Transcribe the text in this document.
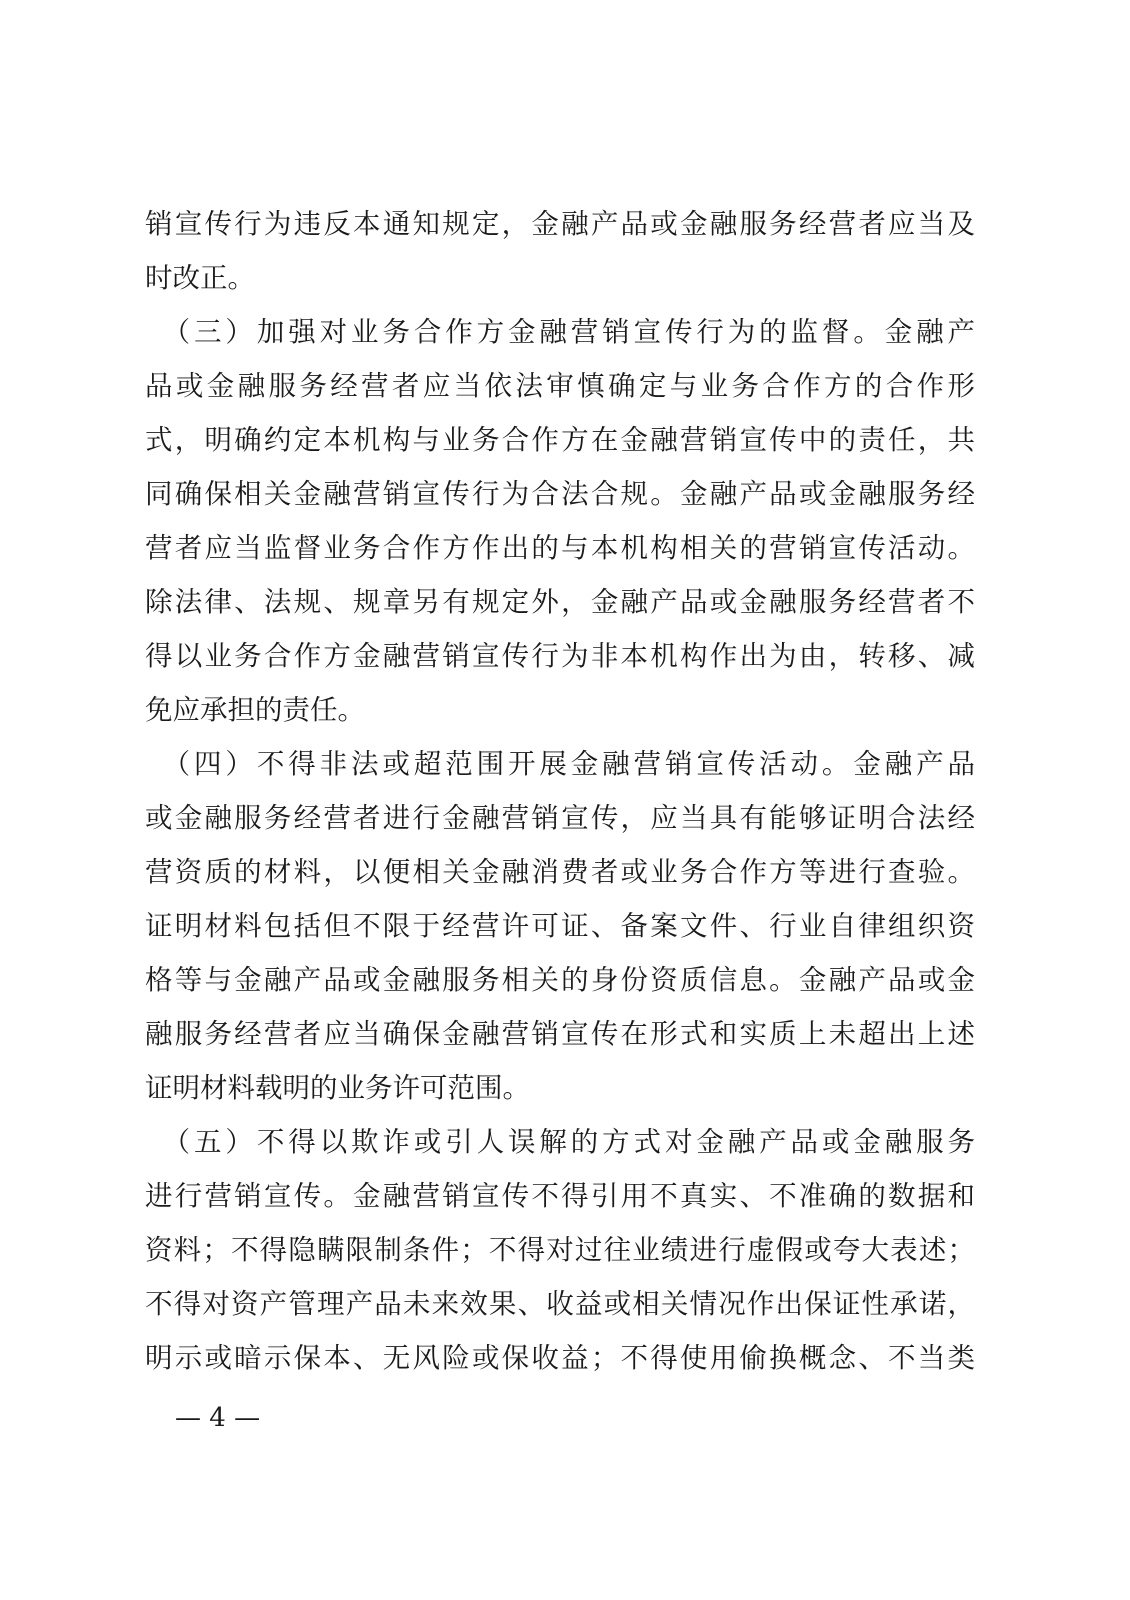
销宣传行为违反本通知规定，金融产品或金融服务经营者应当及
时改正。
　（三）加强对业务合作方金融营销宣传行为的监督。金融产
品或金融服务经营者应当依法审慎确定与业务合作方的合作形
式，明确约定本机构与业务合作方在金融营销宣传中的责任，共
同确保相关金融营销宣传行为合法合规。金融产品或金融服务经
营者应当监督业务合作方作出的与本机构相关的营销宣传活动。
除法律、法规、规章另有规定外，金融产品或金融服务经营者不
得以业务合作方金融营销宣传行为非本机构作出为由，转移、减
免应承担的责任。
　（四）不得非法或超范围开展金融营销宣传活动。金融产品
或金融服务经营者进行金融营销宣传，应当具有能够证明合法经
营资质的材料，以便相关金融消费者或业务合作方等进行查验。
证明材料包括但不限于经营许可证、备案文件、行业自律组织资
格等与金融产品或金融服务相关的身份资质信息。金融产品或金
融服务经营者应当确保金融营销宣传在形式和实质上未超出上述
证明材料载明的业务许可范围。
　（五）不得以欺诈或引人误解的方式对金融产品或金融服务
进行营销宣传。金融营销宣传不得引用不真实、不准确的数据和
资料；不得隐瞒限制条件；不得对过往业绩进行虚假或夸大表述；
不得对资产管理产品未来效果、收益或相关情况作出保证性承诺，
明示或暗示保本、无风险或保收益；不得使用偷换概念、不当类
— 4 —
